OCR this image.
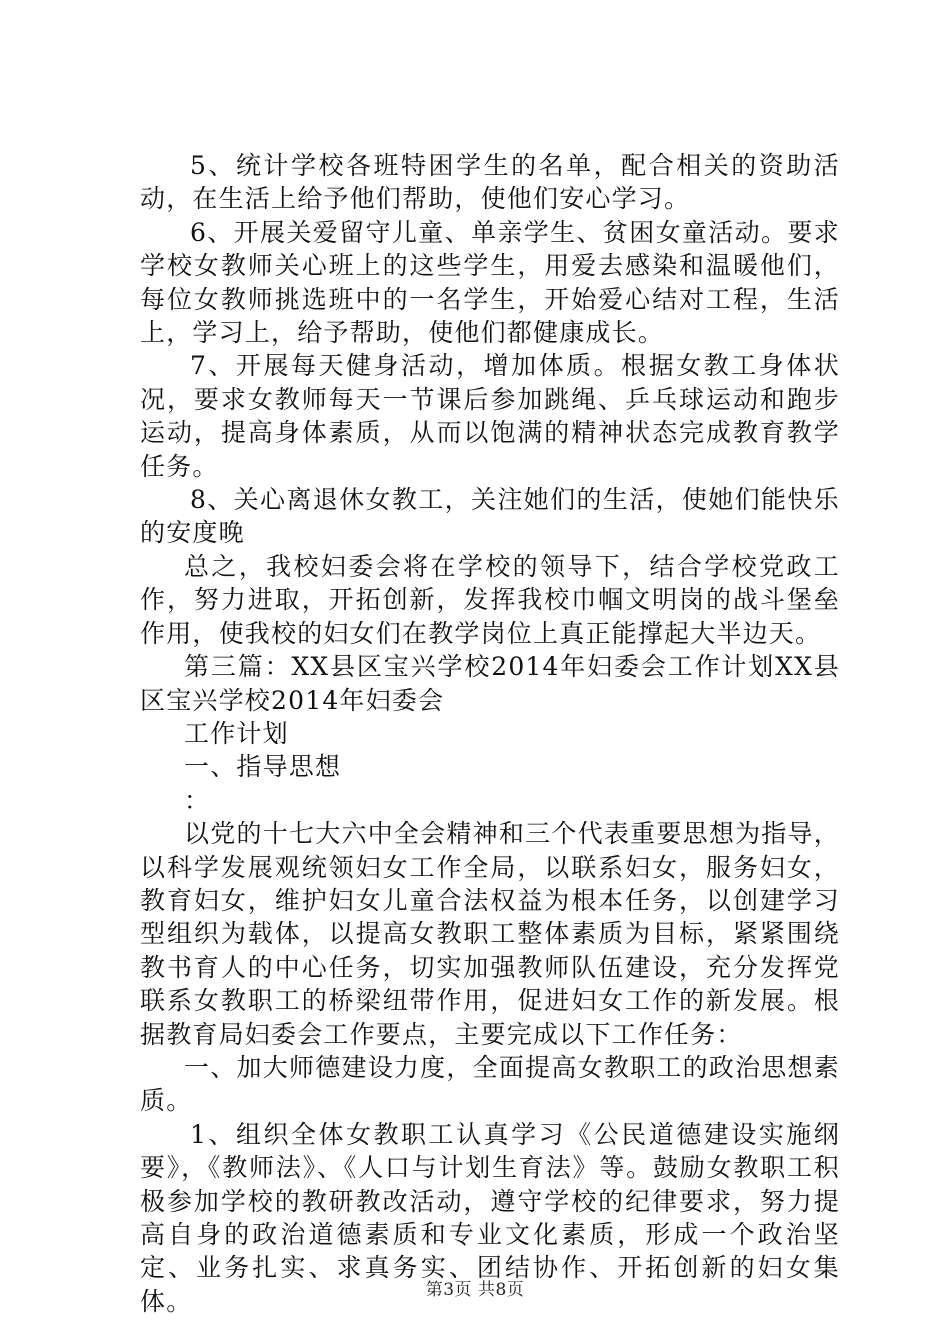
5、统计学校各班特困学生的名单，配合相关的资助活动，在生活上给予他们帮助，使他们安心学习。

6、开展关爱留守儿童、单亲学生、贫困女童活动。要求学校女教师关心班上的这些学生，用爱去感染和温暖他们，每位女教师挑选班中的一名学生，开始爱心结对工程，生活上，学习上，给予帮助，使他们都健康成长。

7、开展每天健身活动，增加体质。根据女教工身体状况，要求女教师每天一节课后参加跳绳、乒乓球运动和跑步运动，提高身体素质，从而以饱满的精神状态完成教育教学任务。

8、关心离退休女教工，关注她们的生活，使她们能快乐的安度晚

总之，我校妇委会将在学校的领导下，结合学校党政工作，努力进取，开拓创新，发挥我校巾帼文明岗的战斗堡垒作用，使我校的妇女们在教学岗位上真正能撑起大半边天。

第三篇：XX县区宝兴学校2014年妇委会工作计划XX县区宝兴学校2014年妇委会

工作计划

一、指导思想

：

以党的十七大六中全会精神和三个代表重要思想为指导，以科学发展观统领妇女工作全局，以联系妇女，服务妇女，教育妇女，维护妇女儿童合法权益为根本任务，以创建学习型组织为载体，以提高女教职工整体素质为目标，紧紧围绕教书育人的中心任务，切实加强教师队伍建设，充分发挥党联系女教职工的桥梁纽带作用，促进妇女工作的新发展。根据教育局妇委会工作要点，主要完成以下工作任务：

一、加大师德建设力度，全面提高女教职工的政治思想素质。

1、组织全体女教职工认真学习《公民道德建设实施纲要》，《教师法》、《人口与计划生育法》等。鼓励女教职工积极参加学校的教研教改活动，遵守学校的纪律要求，努力提高自身的政治道德素质和专业文化素质，形成一个政治坚定、业务扎实、求真务实、团结协作、开拓创新的妇女集体。	第3页 共8页
